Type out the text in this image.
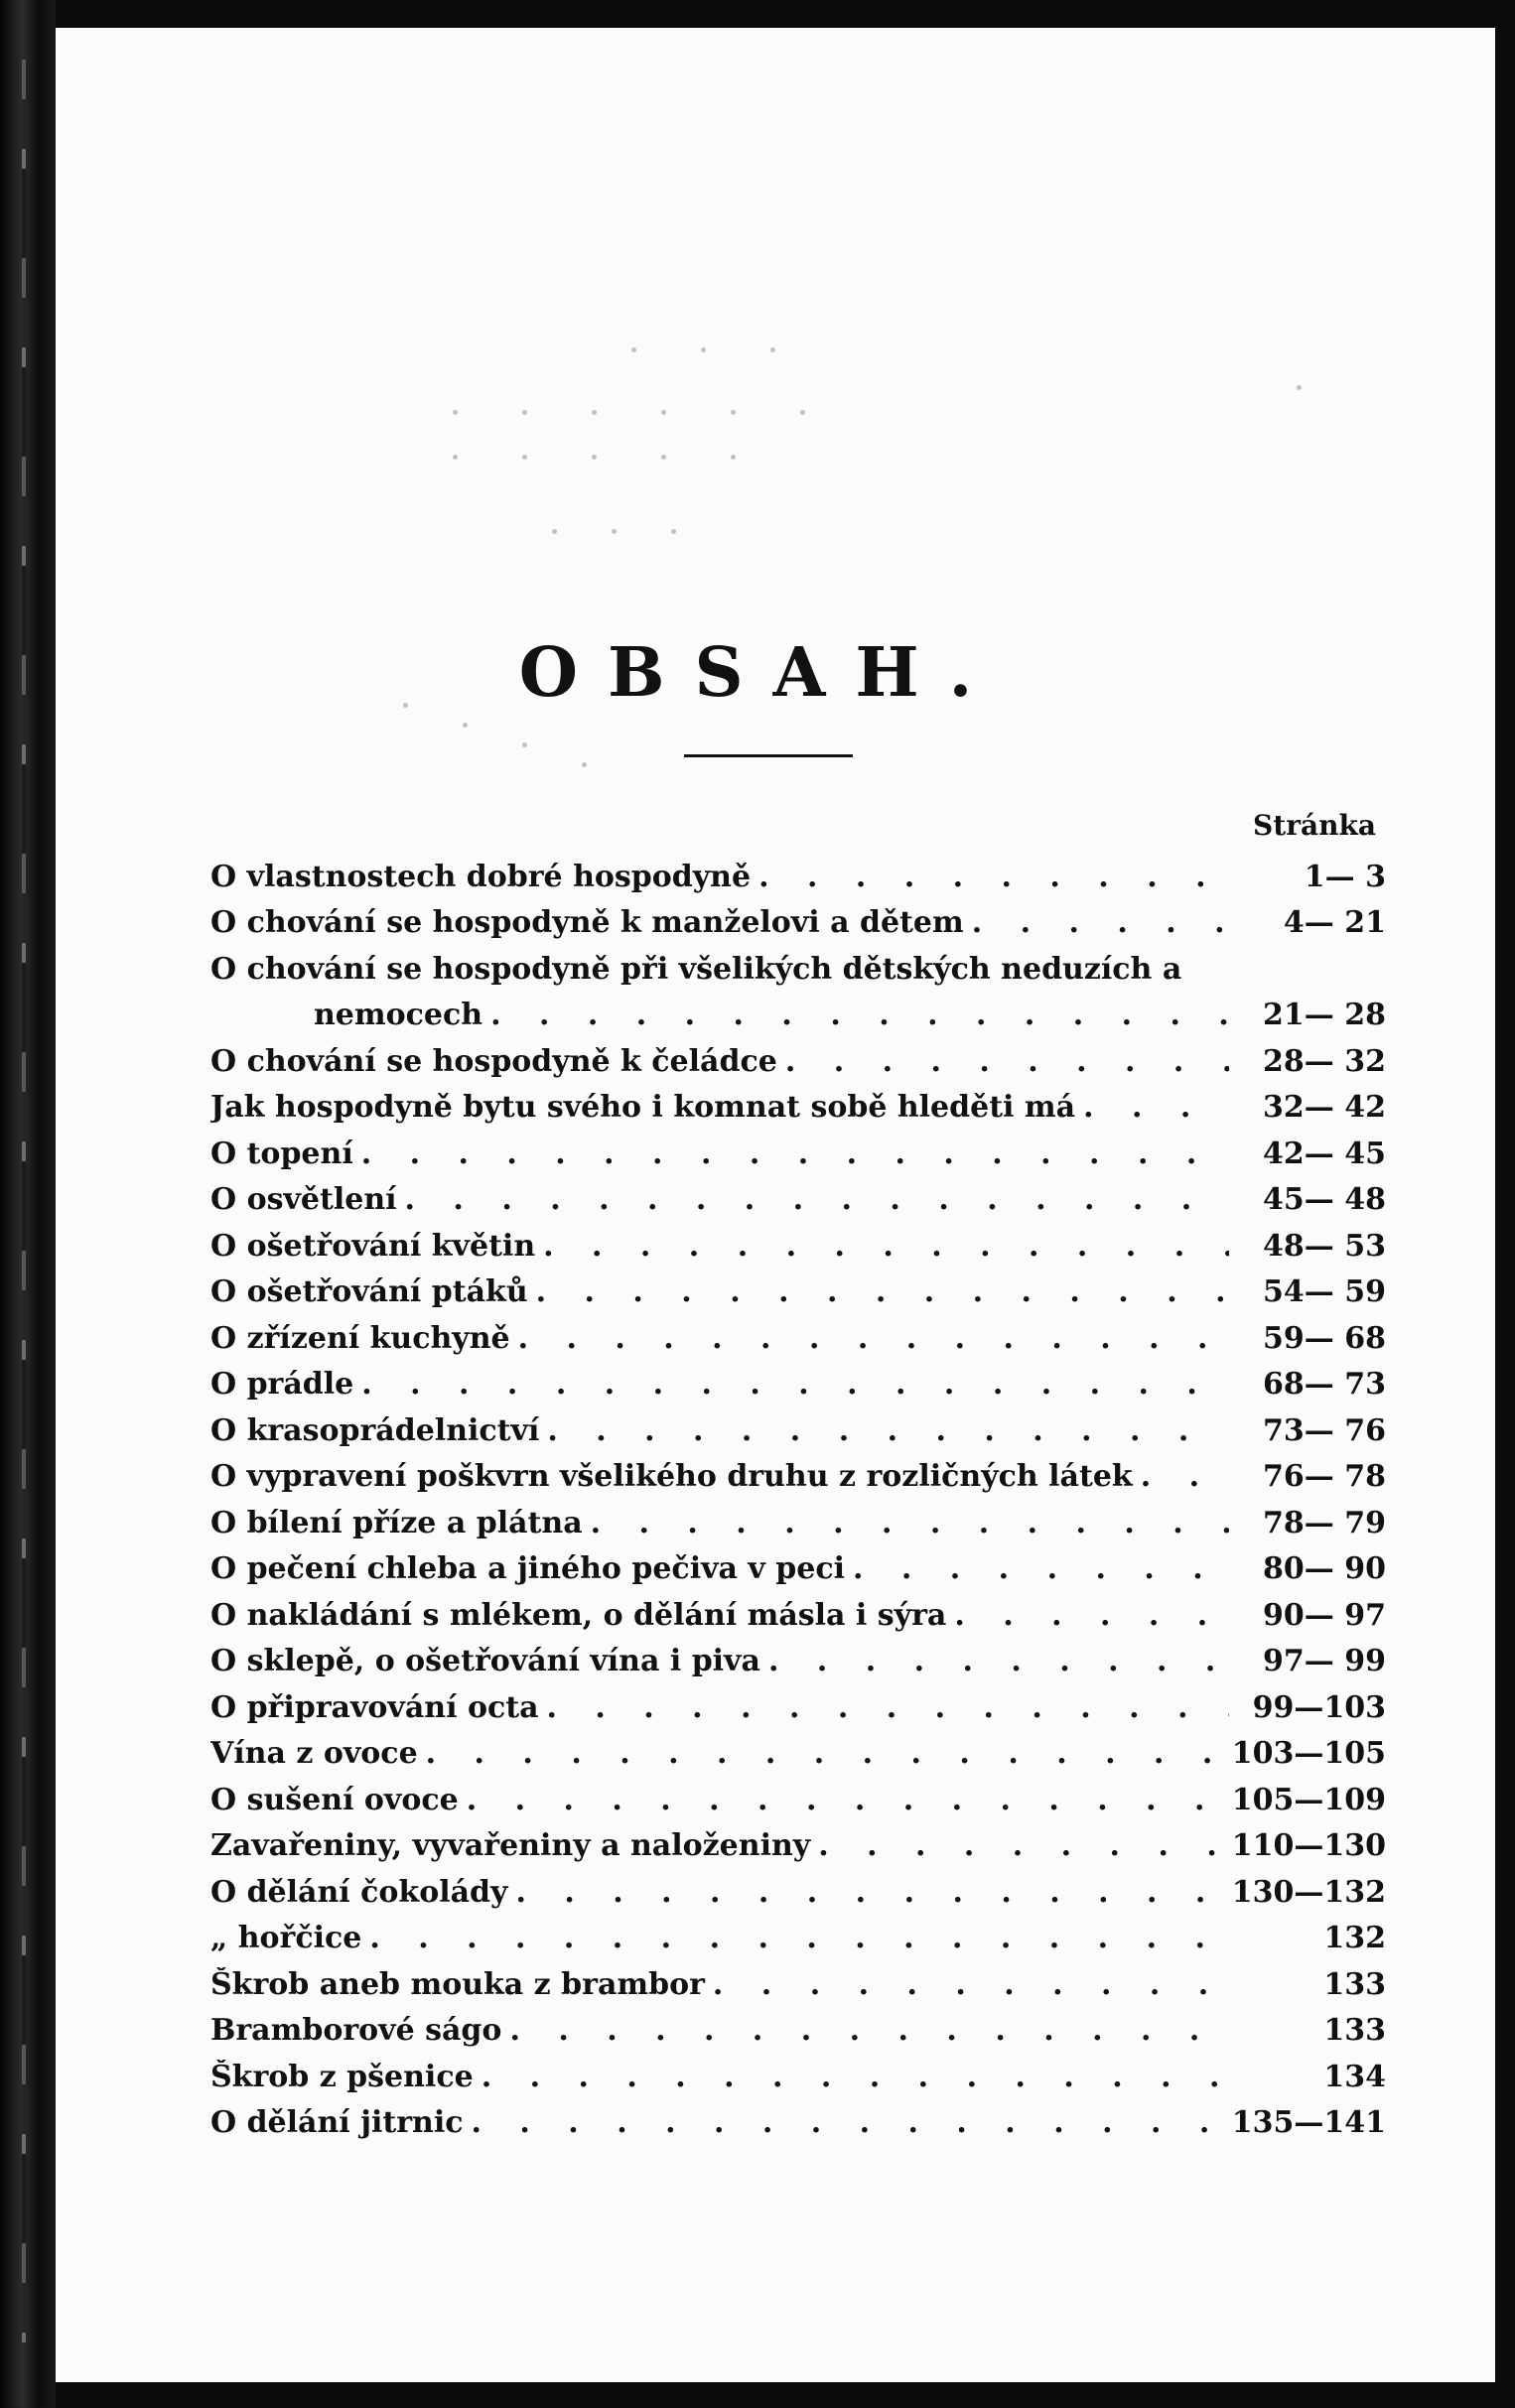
OBSAH.
Stránka
O vlastnostech dobré hospodyně . . .	1— 3
O chování se hospodyně k manželovi a dětem . . .	4— 21
O chování se hospodyně při všelikých dětských neduzích a
nemocech . . .	21— 28
O chování se hospodyně k čeládce . . .	28— 32
Jak hospodyně bytu svého i komnat sobě hleděti má . . .	32— 42
O topení . . .	42— 45
O osvětlení . . .	45— 48
O ošetřování květin . . .	48— 53
O ošetřování ptáků . . .	54— 59
O zřízení kuchyně . . .	59— 68
O prádle . . .	68— 73
O krasoprádelnictví . . .	73— 76
O vypravení poškvrn všelikého druhu z rozličných látek . . .	76— 78
O bílení příze a plátna . . .	78— 79
O pečení chleba a jiného pečiva v peci . . .	80— 90
O nakládání s mlékem, o dělání másla i sýra . . .	90— 97
O sklepě, o ošetřování vína i piva . . .	97— 99
O připravování octa . . .	99—103
Vína z ovoce . . .	103—105
O sušení ovoce . . .	105—109
Zavařeniny, vyvařeniny a naloženiny . . .	110—130
O dělání čokolády . . .	130—132
„ hořčice . . .	132
Škrob aneb mouka z brambor . . .	133
Bramborové ságo . . .	133
Škrob z pšenice . . .	134
O dělání jitrnic . . .	135—141
